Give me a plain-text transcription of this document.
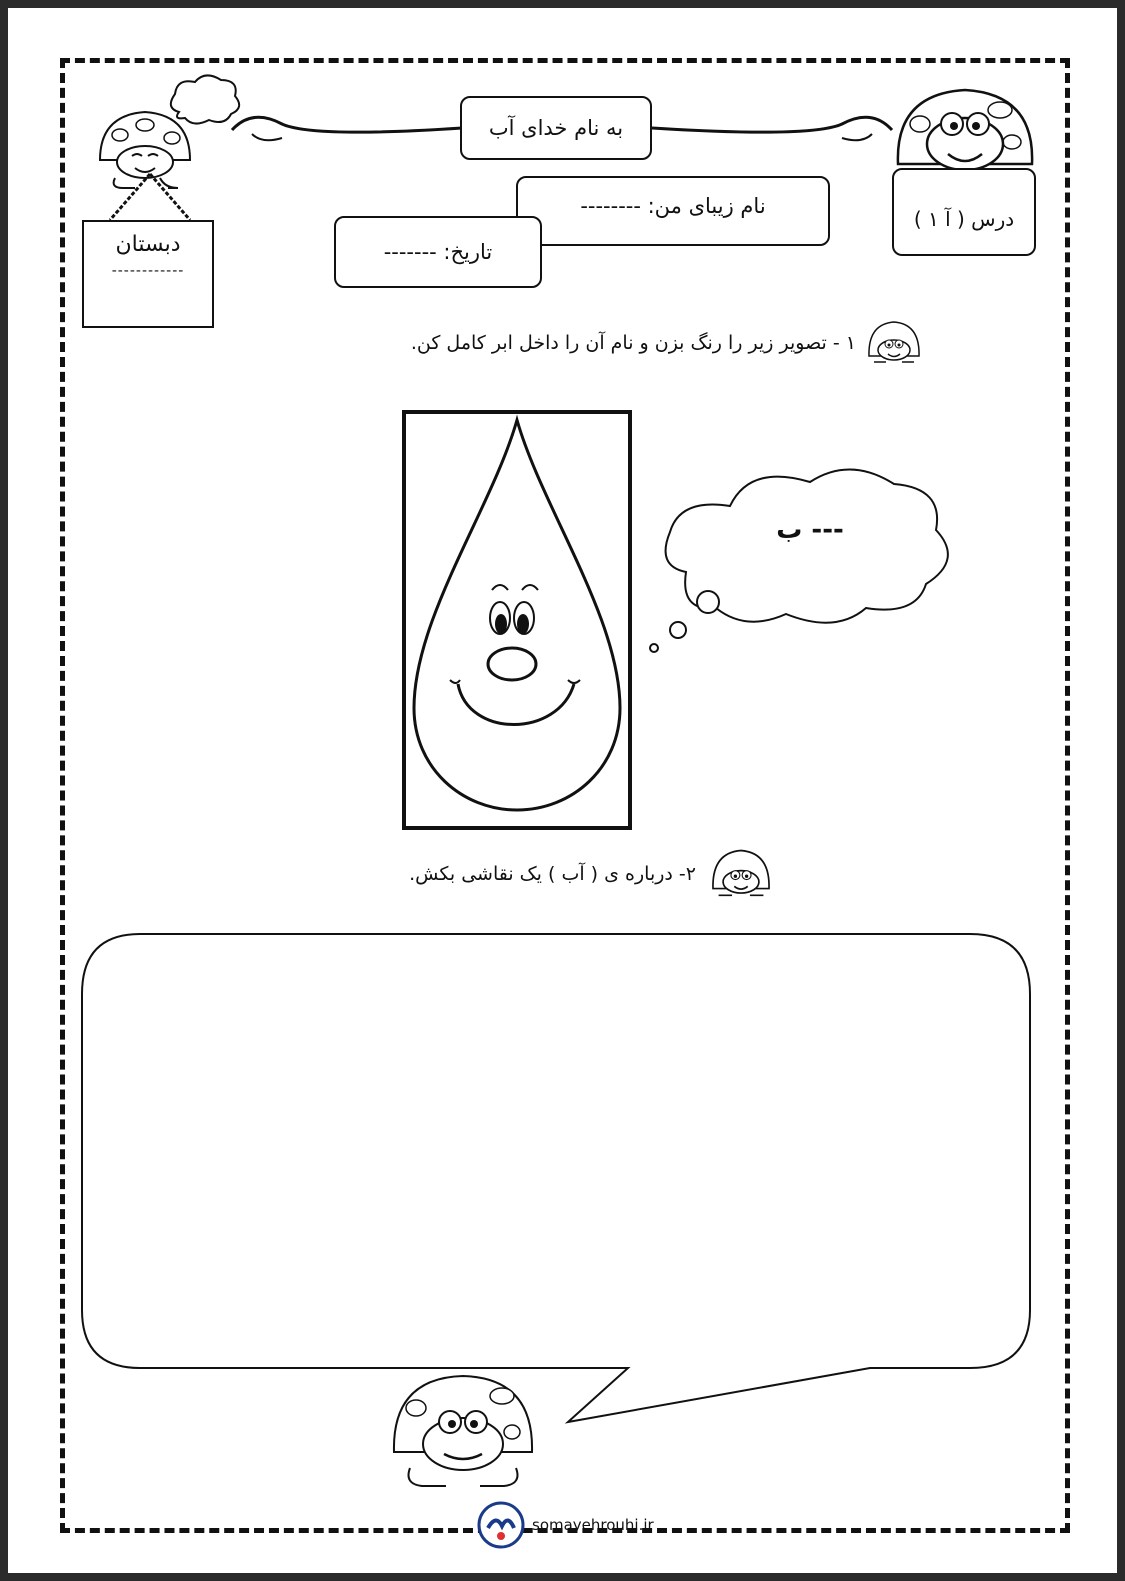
دبستان
------------
به نام خدای آب
درس ( آ ۱ )
نام زیبای من: --------
تاریخ: -------
۱ - تصویر زیر را رنگ بزن و نام آن را داخل ابر کامل کن.
--- ب
۲- درباره ی ( آب ) یک نقاشی بکش.
somayehrouhi.ir
